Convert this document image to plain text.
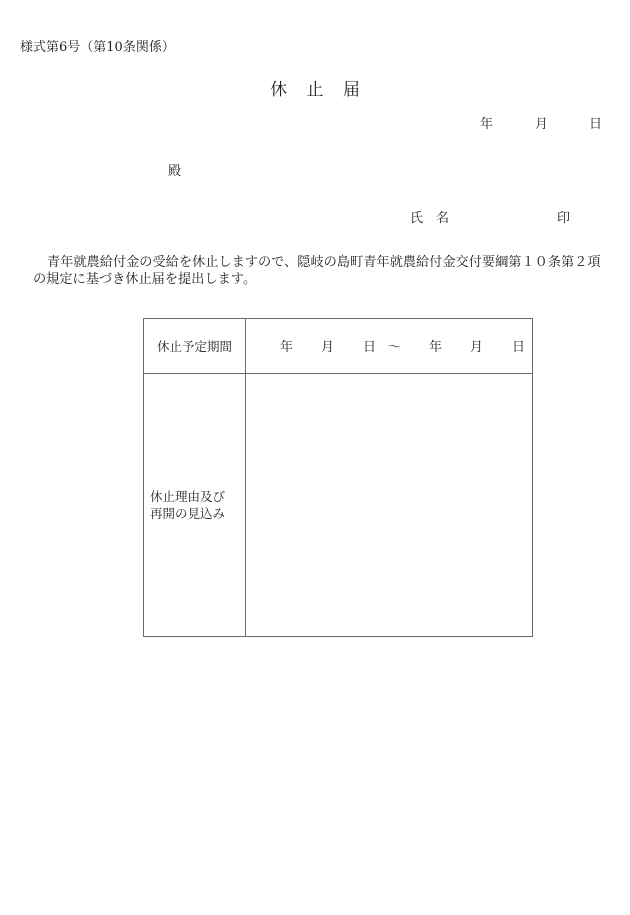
様式第6号（第10条関係）
休 止 届
年	月	日
殿
氏　名	印
青年就農給付金の受給を休止しますので、隠岐の島町青年就農給付金交付要綱第１０条第２項の規定に基づき休止届を提出します。
休止予定期間	年 月 日 ～ 年 月 日

休止理由及び
再開の見込み	
